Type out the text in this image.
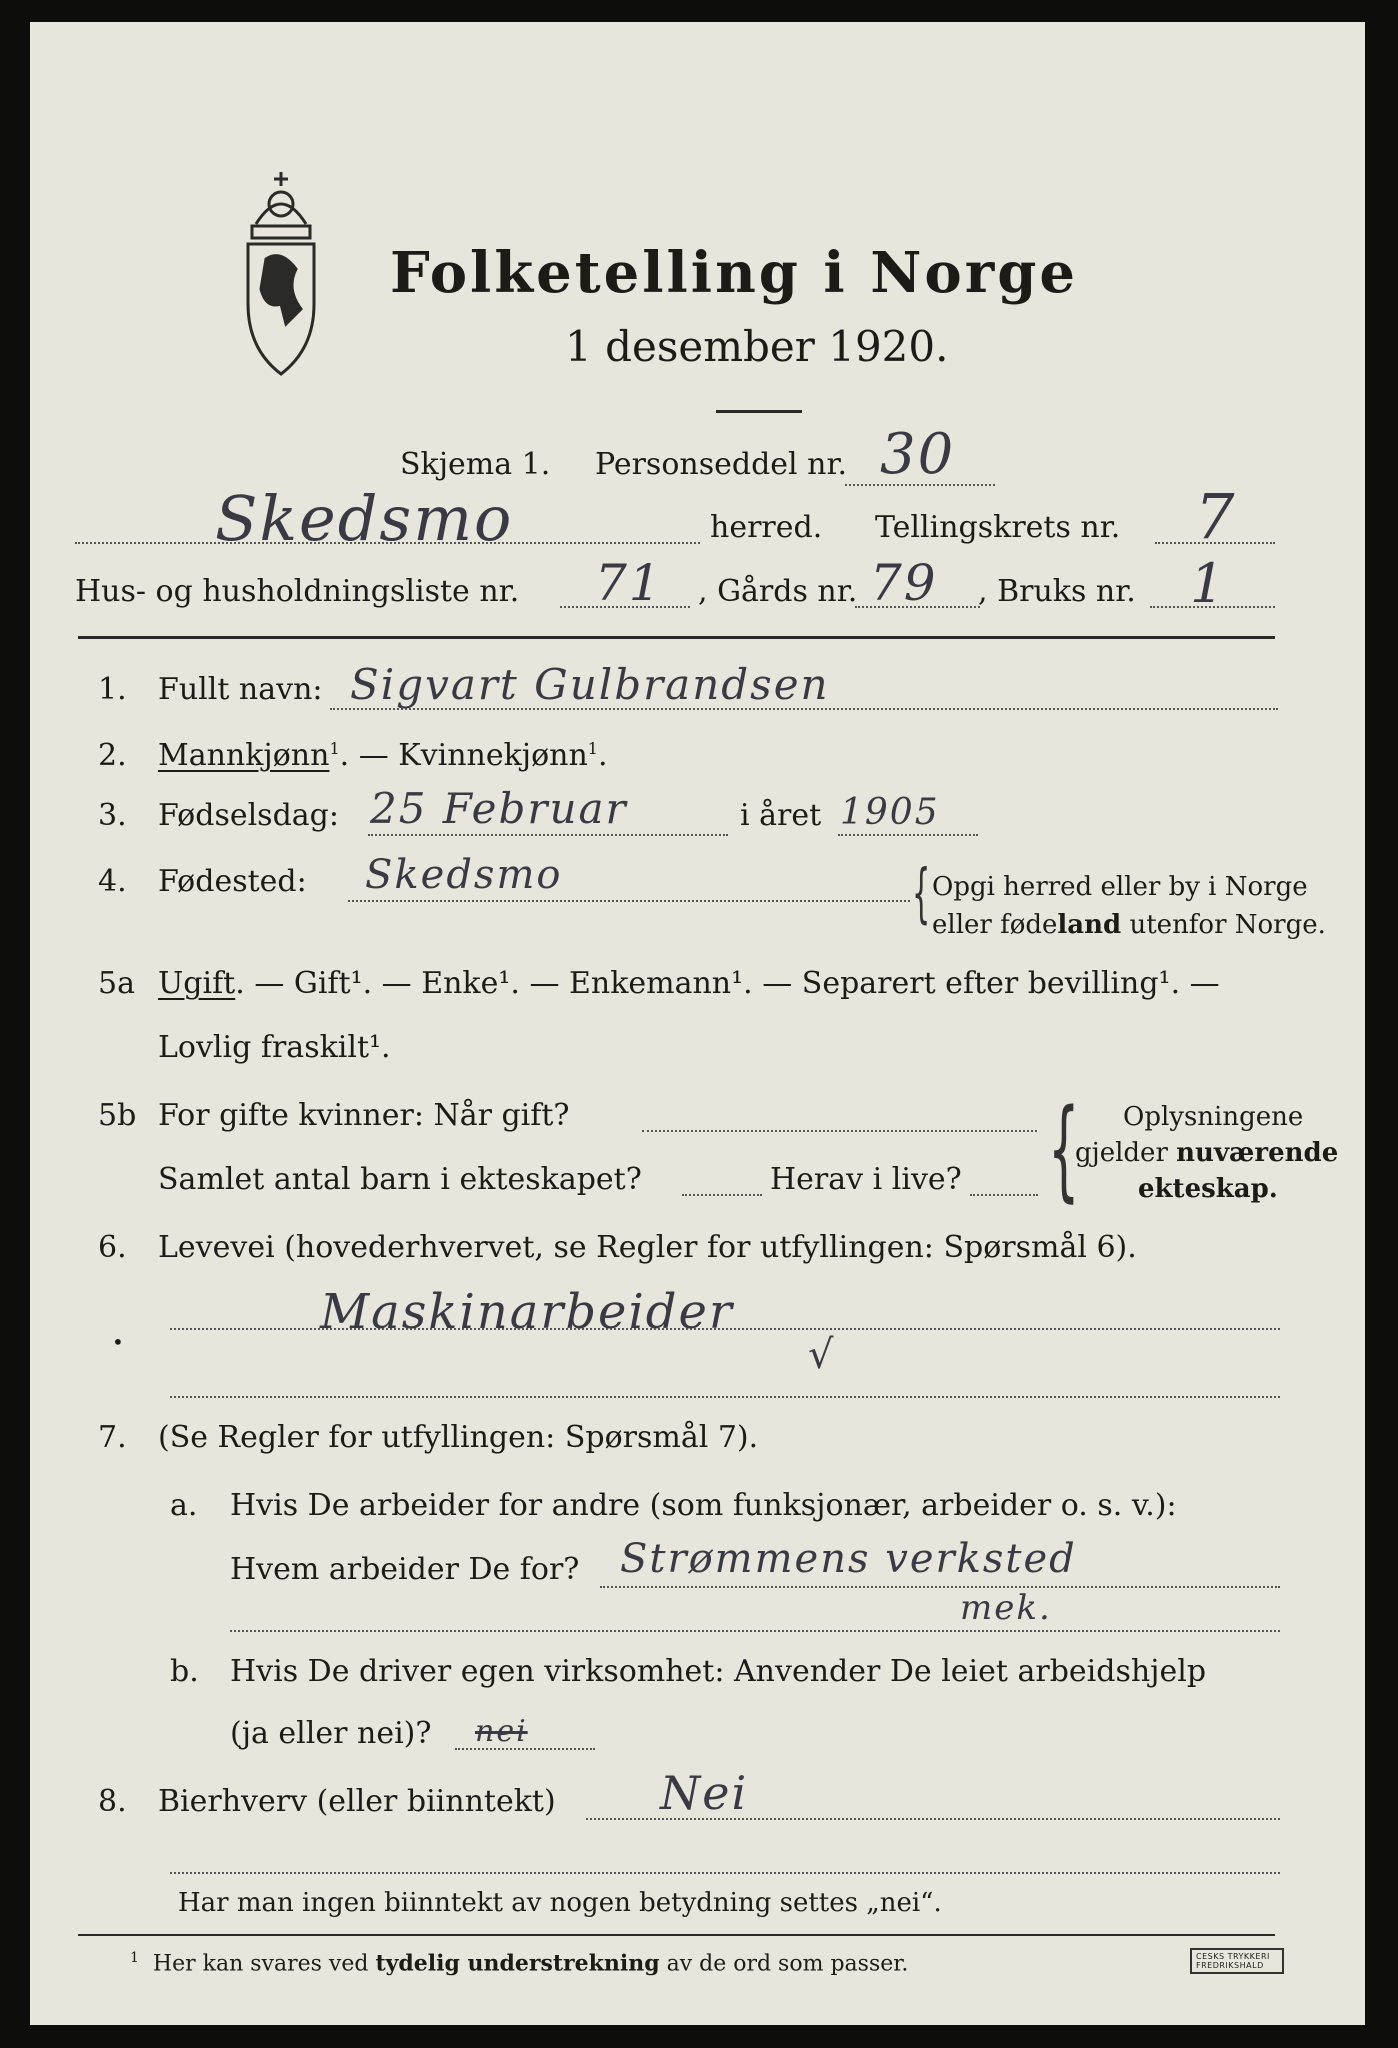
Folketelling i Norge
1 desember 1920.
Skjema 1. Personseddel nr. 30
Skedsmo	herred. Tellingskrets nr. 7
Hus- og husholdningsliste nr. 71 , Gårds nr. 79 , Bruks nr. 1
1. Fullt navn: Sigvart Gulbrandsen
2. Mannkjønn$^1$. — Kvinnekjønn$^1$.
3. Fødselsdag: 25 Februar	i året 1905
4. Fødested: Skedsmo	{ Opgi herred eller by i Norge
eller fødeland utenfor Norge.
5a Ugift. — Gift¹. — Enke¹. — Enkemann¹. — Separert efter bevilling¹. —
Lovlig fraskilt¹.
5b For gifte kvinner: Når gift?
Samlet antal barn i ekteskapet?	Herav i live? { Oplysningene
gjelder nuværende
ekteskap.
6. Levevei (hovederhvervet, se Regler for utfyllingen: Spørsmål 6).
Maskinarbeider
√
•
7. (Se Regler for utfyllingen: Spørsmål 7).
a. Hvis De arbeider for andre (som funksjonær, arbeider o. s. v.):
Hvem arbeider De for? Strømmens verksted
mek.
b. Hvis De driver egen virksomhet: Anvender De leiet arbeidshjelp
(ja eller nei)? nei
8. Bierhverv (eller biinntekt) Nei
Har man ingen biinntekt av nogen betydning settes „nei“.
$^1$ Her kan svares ved tydelig understrekning av de ord som passer.	CESKS TRYKKERI FREDRIKSHALD
